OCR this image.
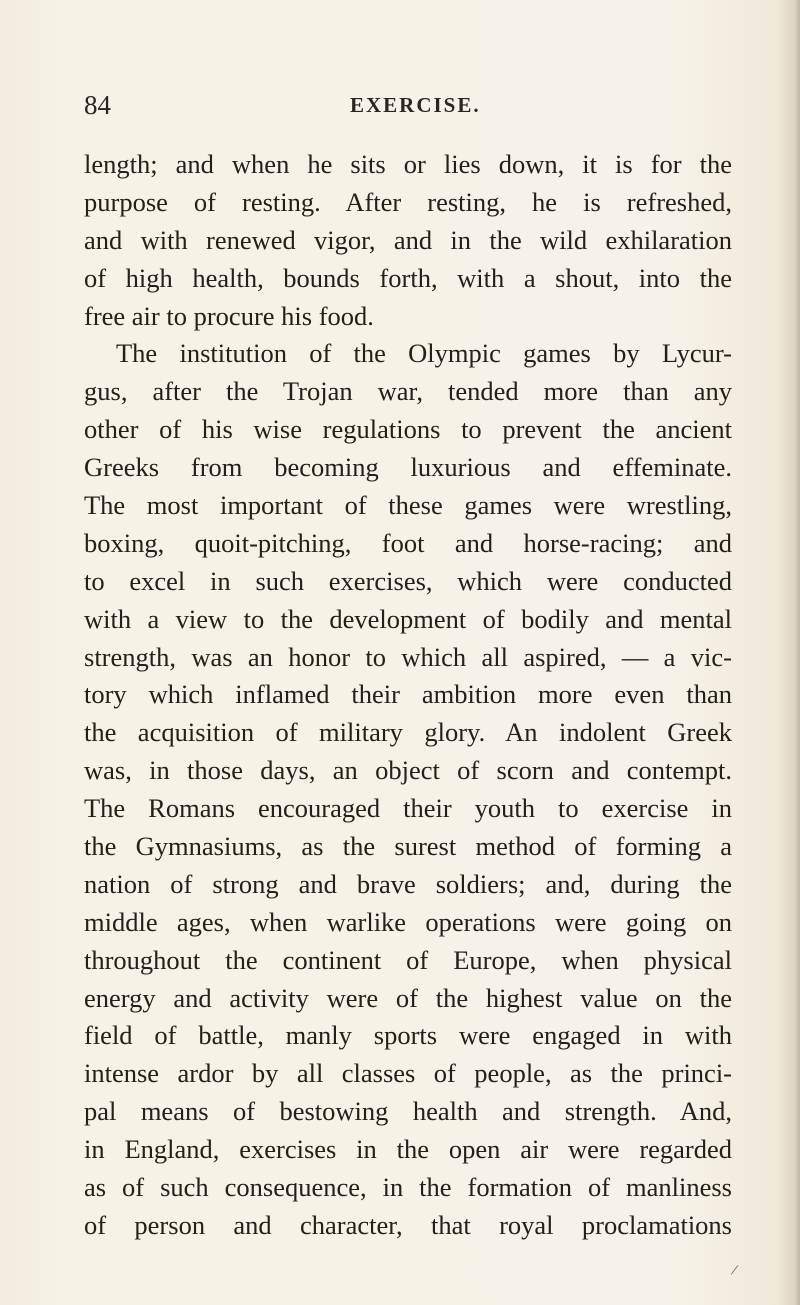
84	EXERCISE.
length; and when he sits or lies down, it is for the
purpose of resting. After resting, he is refreshed,
and with renewed vigor, and in the wild exhilaration
of high health, bounds forth, with a shout, into the
free air to procure his food.
The institution of the Olympic games by Lycur-
gus, after the Trojan war, tended more than any
other of his wise regulations to prevent the ancient
Greeks from becoming luxurious and effeminate.
The most important of these games were wrestling,
boxing, quoit-pitching, foot and horse-racing; and
to excel in such exercises, which were conducted
with a view to the development of bodily and mental
strength, was an honor to which all aspired, — a vic-
tory which inflamed their ambition more even than
the acquisition of military glory. An indolent Greek
was, in those days, an object of scorn and contempt.
The Romans encouraged their youth to exercise in
the Gymnasiums, as the surest method of forming a
nation of strong and brave soldiers; and, during the
middle ages, when warlike operations were going on
throughout the continent of Europe, when physical
energy and activity were of the highest value on the
field of battle, manly sports were engaged in with
intense ardor by all classes of people, as the princi-
pal means of bestowing health and strength. And,
in England, exercises in the open air were regarded
as of such consequence, in the formation of manliness
of person and character, that royal proclamations
/
